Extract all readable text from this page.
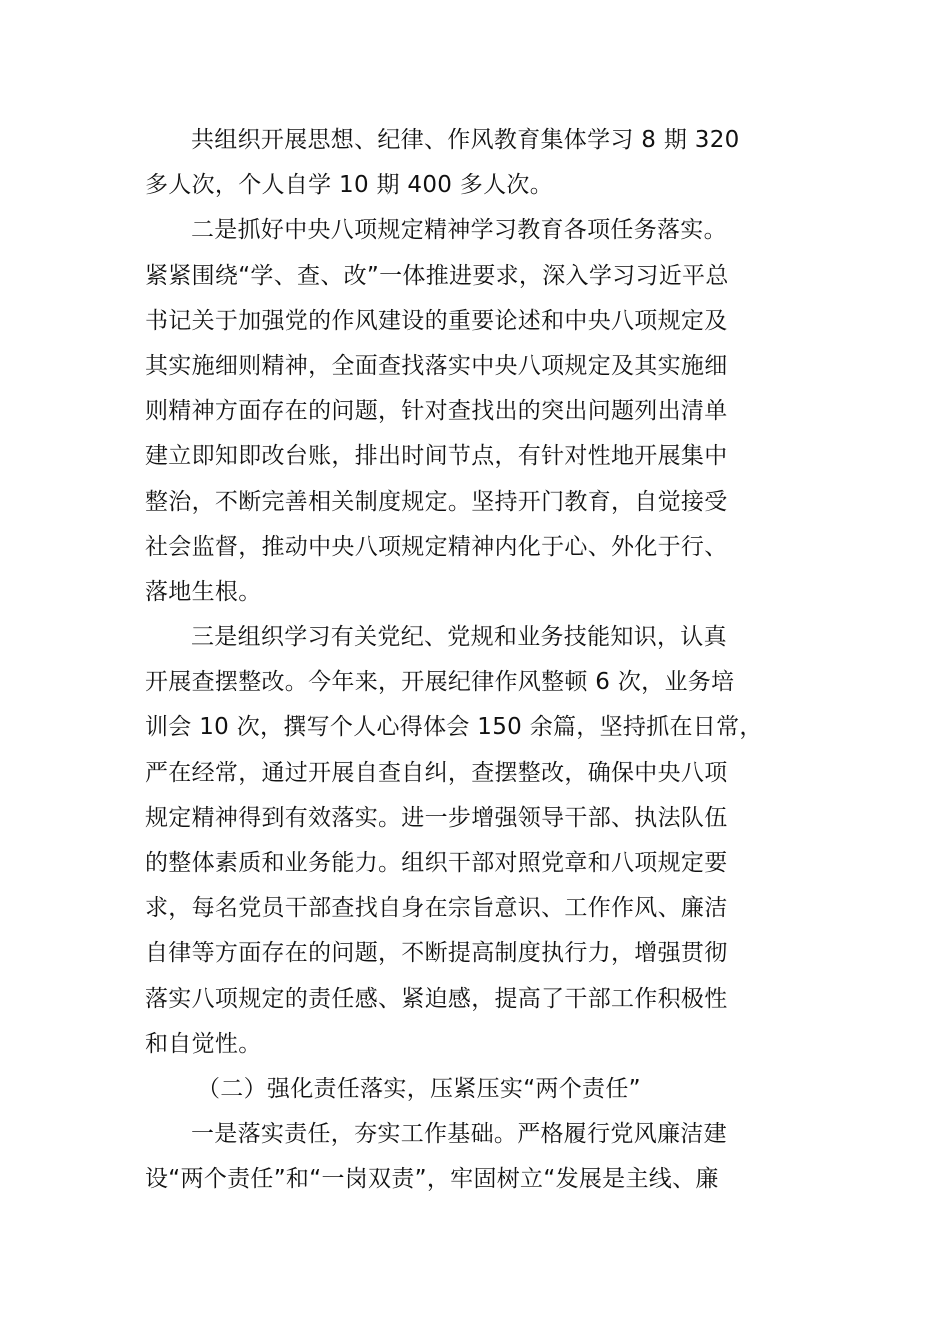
共组织开展思想、纪律、作风教育集体学习 8 期 320
多人次，个人自学 10 期 400 多人次。
二是抓好中央八项规定精神学习教育各项任务落实。
紧紧围绕“学、查、改”一体推进要求，深入学习习近平总
书记关于加强党的作风建设的重要论述和中央八项规定及
其实施细则精神，全面查找落实中央八项规定及其实施细
则精神方面存在的问题，针对查找出的突出问题列出清单
建立即知即改台账，排出时间节点，有针对性地开展集中
整治，不断完善相关制度规定。坚持开门教育，自觉接受
社会监督，推动中央八项规定精神内化于心、外化于行、
落地生根。
三是组织学习有关党纪、党规和业务技能知识，认真
开展查摆整改。今年来，开展纪律作风整顿 6 次，业务培
训会 10 次，撰写个人心得体会 150 余篇，坚持抓在日常，
严在经常，通过开展自查自纠，查摆整改，确保中央八项
规定精神得到有效落实。进一步增强领导干部、执法队伍
的整体素质和业务能力。组织干部对照党章和八项规定要
求，每名党员干部查找自身在宗旨意识、工作作风、廉洁
自律等方面存在的问题，不断提高制度执行力，增强贯彻
落实八项规定的责任感、紧迫感，提高了干部工作积极性
和自觉性。
（二）强化责任落实，压紧压实“两个责任”
一是落实责任，夯实工作基础。严格履行党风廉洁建
设“两个责任”和“一岗双责”，牢固树立“发展是主线、廉
